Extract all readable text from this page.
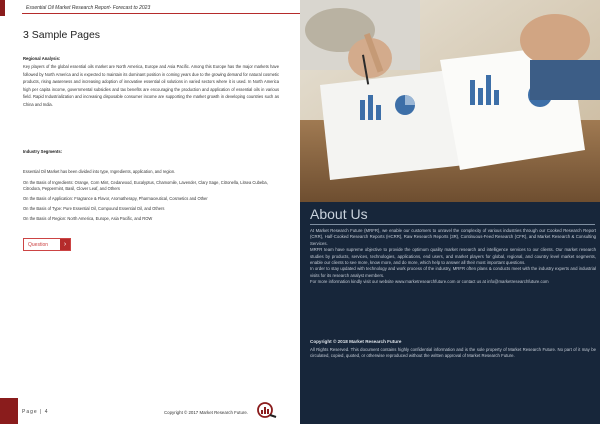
Essential Oil Market Research Report- Forecast to 2023
3 Sample Pages
Regional Analysis:
Key players of the global essential oils market are North America, Europe and Asia Pacific. Among this Europe has the major markets have followed by North America and is expected to maintain its dominant position in coming years due to the growing demand for natural cosmetic products, rising awareness and increasing adoption of innovative essential oil solutions in varied sectors where it is used. In North America high per capita income, governmental subsidies and tax benefits are encouraging the production and application of essential oils in various field. Rapid Industrialization and increasing disposable consumer income are supporting the market growth in developing countries such as China and India.
Industry Segments:
Essential Oil Market has been divided into type, Ingredients, application, and region.
On the Basis of Ingredients: Orange, Corn Mint, Cedarwood, Eucalyptus, Chamomile, Lavender, Clary Sage, Citronella, Litsea Cubeba, Citrodora, Peppermint, Basil, Clover Leaf, and Others
On the Basis of Application: Fragrance & Flavor, Aromatherapy, Pharmaceutical, Cosmetics and Other
On the Basis of Type: Pure Essential Oil, Compound Essential Oil, and Others
On the Basis of Region: North America, Europe, Asia Pacific, and ROW
Question	›
Page | 4	Copyright © 2017 Market Research Future.
About Us

At Market Research Future (MRFR), we enable our customers to unravel the complexity of various industries through our Cooked Research Report (CRR), Half-Cooked Research Reports (HCRR), Raw Research Reports (3R), Continuous-Feed Research (CFR), and Market Research & Consulting Services.

MRFR team have supreme objective to provide the optimum quality market research and intelligence services to our clients. Our market research studies by products, services, technologies, applications, end users, and market players for global, regional, and country level market segments, enable our clients to see more, know more, and do more, which help to answer all their most important questions.

In order to stay updated with technology and work process of the industry, MRFR often plans & conducts meet with the industry experts and industrial visits for its research analyst members.

For more information kindly visit our website www.marketresearchfuture.com or contact us at info@marketresearchfuture.com

Copyright © 2018 Market Research Future
All Rights Reserved. This document contains highly confidential information and is the sole property of Market Research Future. No part of it may be circulated, copied, quoted, or otherwise reproduced without the written approval of Market Research Future.
